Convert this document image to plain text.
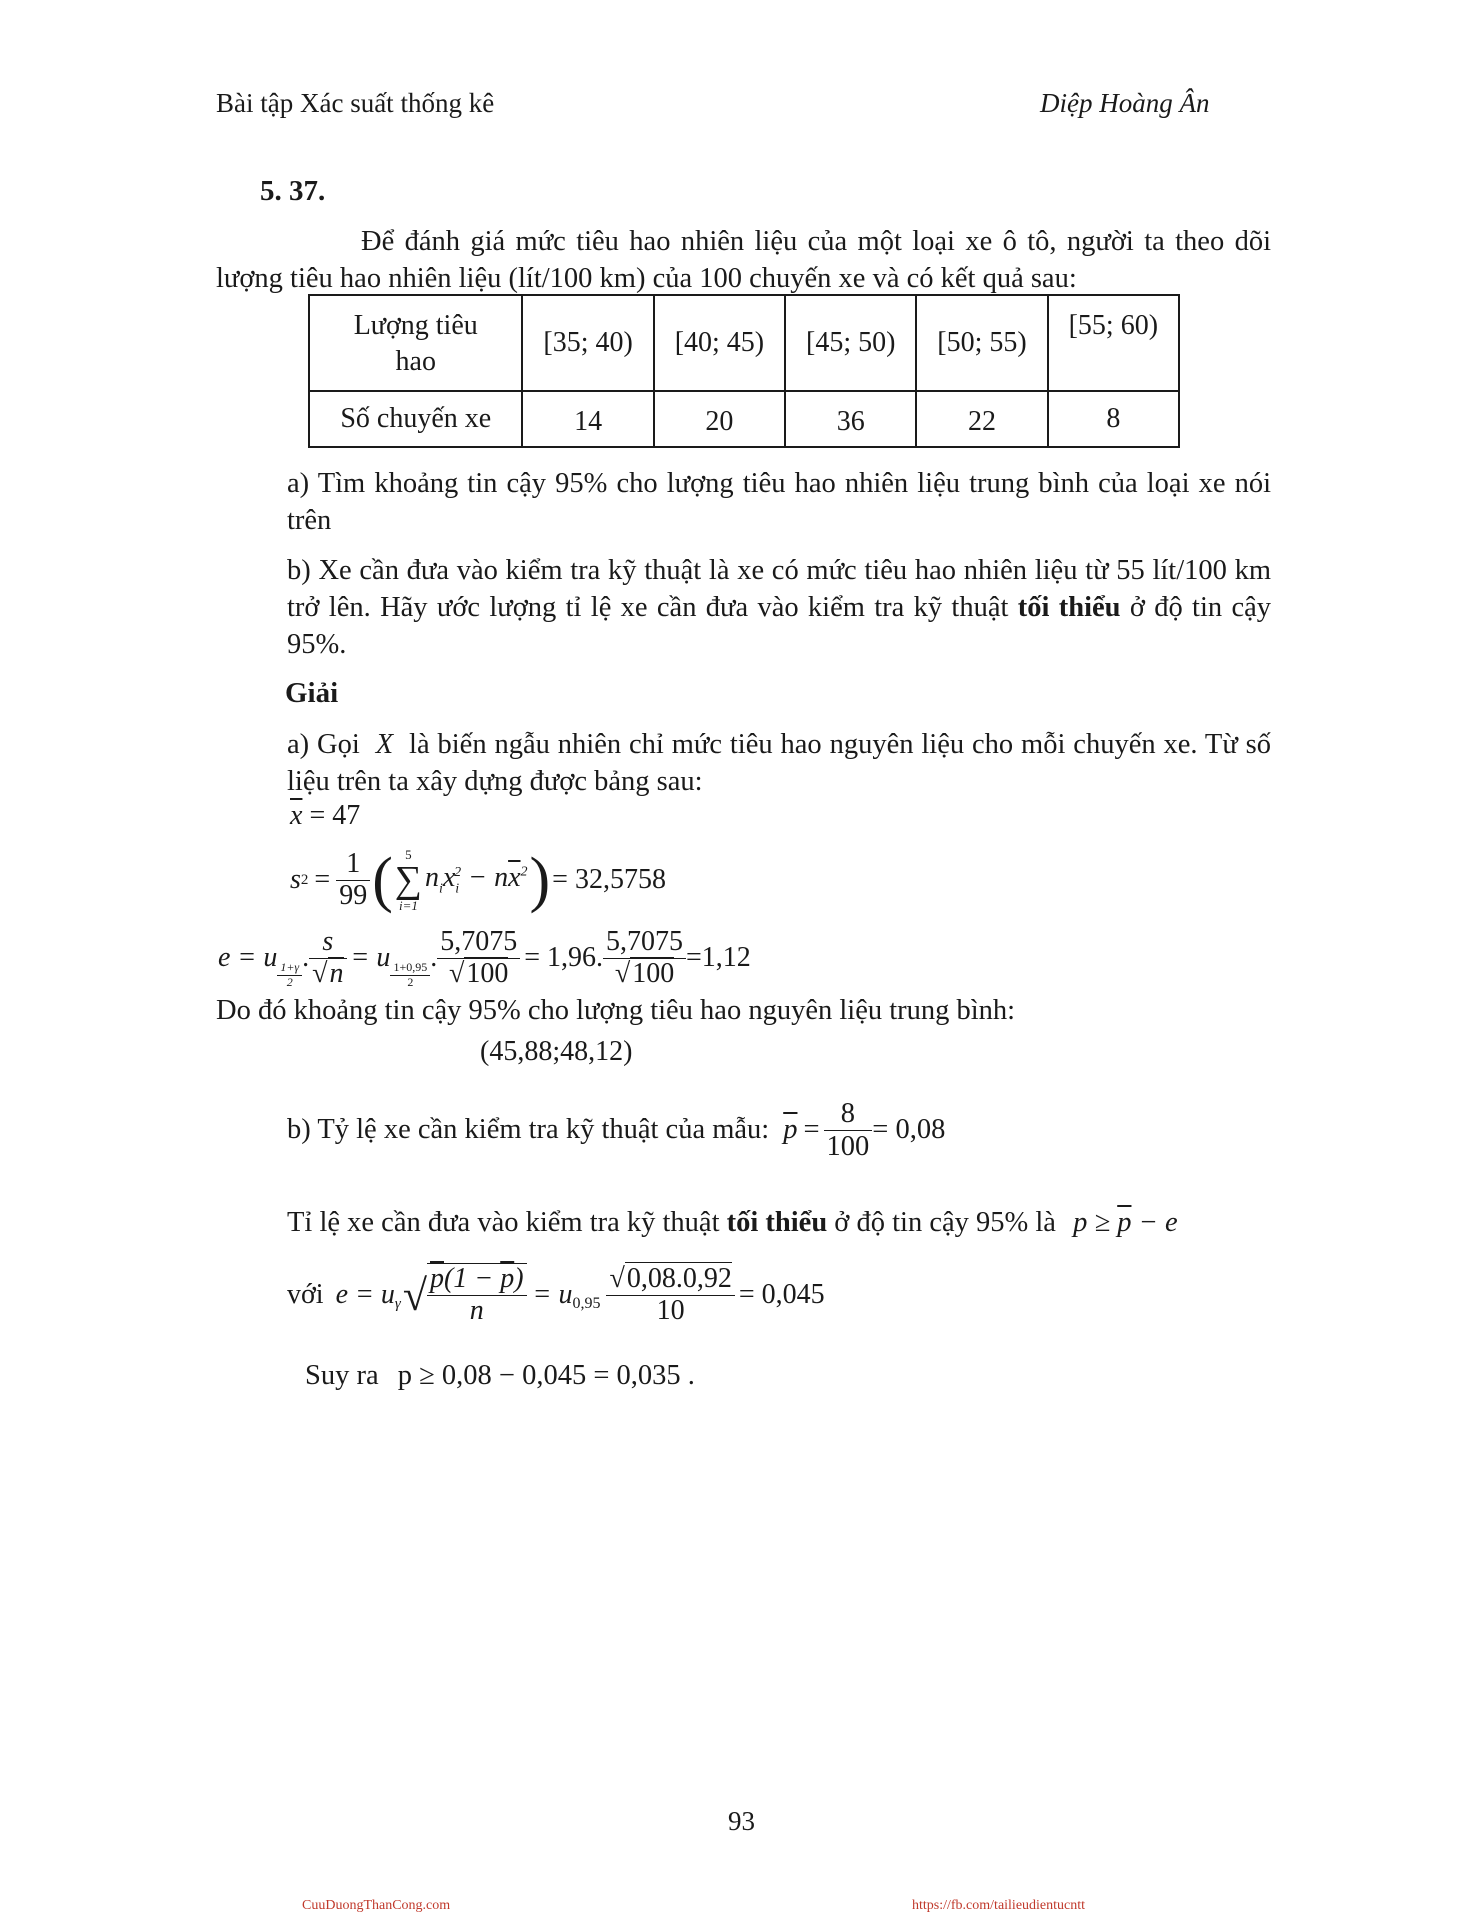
Bài tập Xác suất thống kê	Diệp Hoàng Ân
5. 37.
Để đánh giá mức tiêu hao nhiên liệu của một loại xe ô tô, người ta theo dõi lượng tiêu hao nhiên liệu (lít/100 km) của 100 chuyến xe và có kết quả sau:
Lượng tiêu hao	[35; 40)	[40; 45)	[45; 50)	[50; 55)	[55; 60)
Số chuyến xe	14	20	36	22	8
a) Tìm khoảng tin cậy 95% cho lượng tiêu hao nhiên liệu trung bình của loại xe nói trên
b) Xe cần đưa vào kiểm tra kỹ thuật là xe có mức tiêu hao nhiên liệu từ 55 lít/100 km trở lên. Hãy ước lượng tỉ lệ xe cần đưa vào kiểm tra kỹ thuật tối thiểu ở độ tin cậy 95%.
Giải
a) Gọi X là biến ngẫu nhiên chỉ mức tiêu hao nguyên liệu cho mỗi chuyến xe. Từ số liệu trên ta xây dựng được bảng sau:
$\overline{x} = 47$
s $2 = \frac{1}{99}$ ( 5
∑
i=1
$n_ix_i^2 - n\overline{x}^2$ ) = 32,5758
e = u
$\frac{1+\gamma}{2}$
. $\frac{s}{√n} = u$
$\frac{1+0,95}{2}$
. $\frac{5,7075}{√100} = 1,96$. $\frac{5,7075}{√100} =1,12$
Do đó khoảng tin cậy 95% cho lượng tiêu hao nguyên liệu trung bình:
(45,88;48,12)
b) Tỷ lệ xe cần kiểm tra kỹ thuật của mẫu: $\overline{p} = \frac{8}{100} = 0,08$
Tỉ lệ xe cần đưa vào kiểm tra kỹ thuật tối thiểu ở độ tin cậy 95% là $p \ge \overline{p} - e$
với $e = u_\gamma$ √ $\frac{p(1 - \overline{p})}{n} = u_{0,95} \frac{√0,08.0,92}{10} = 0,045$
Suy ra p ≥ 0,08 − 0,045 = 0,035 .
93
CuuDuongThanCong.com	https://fb.com/tailieudientucntt
